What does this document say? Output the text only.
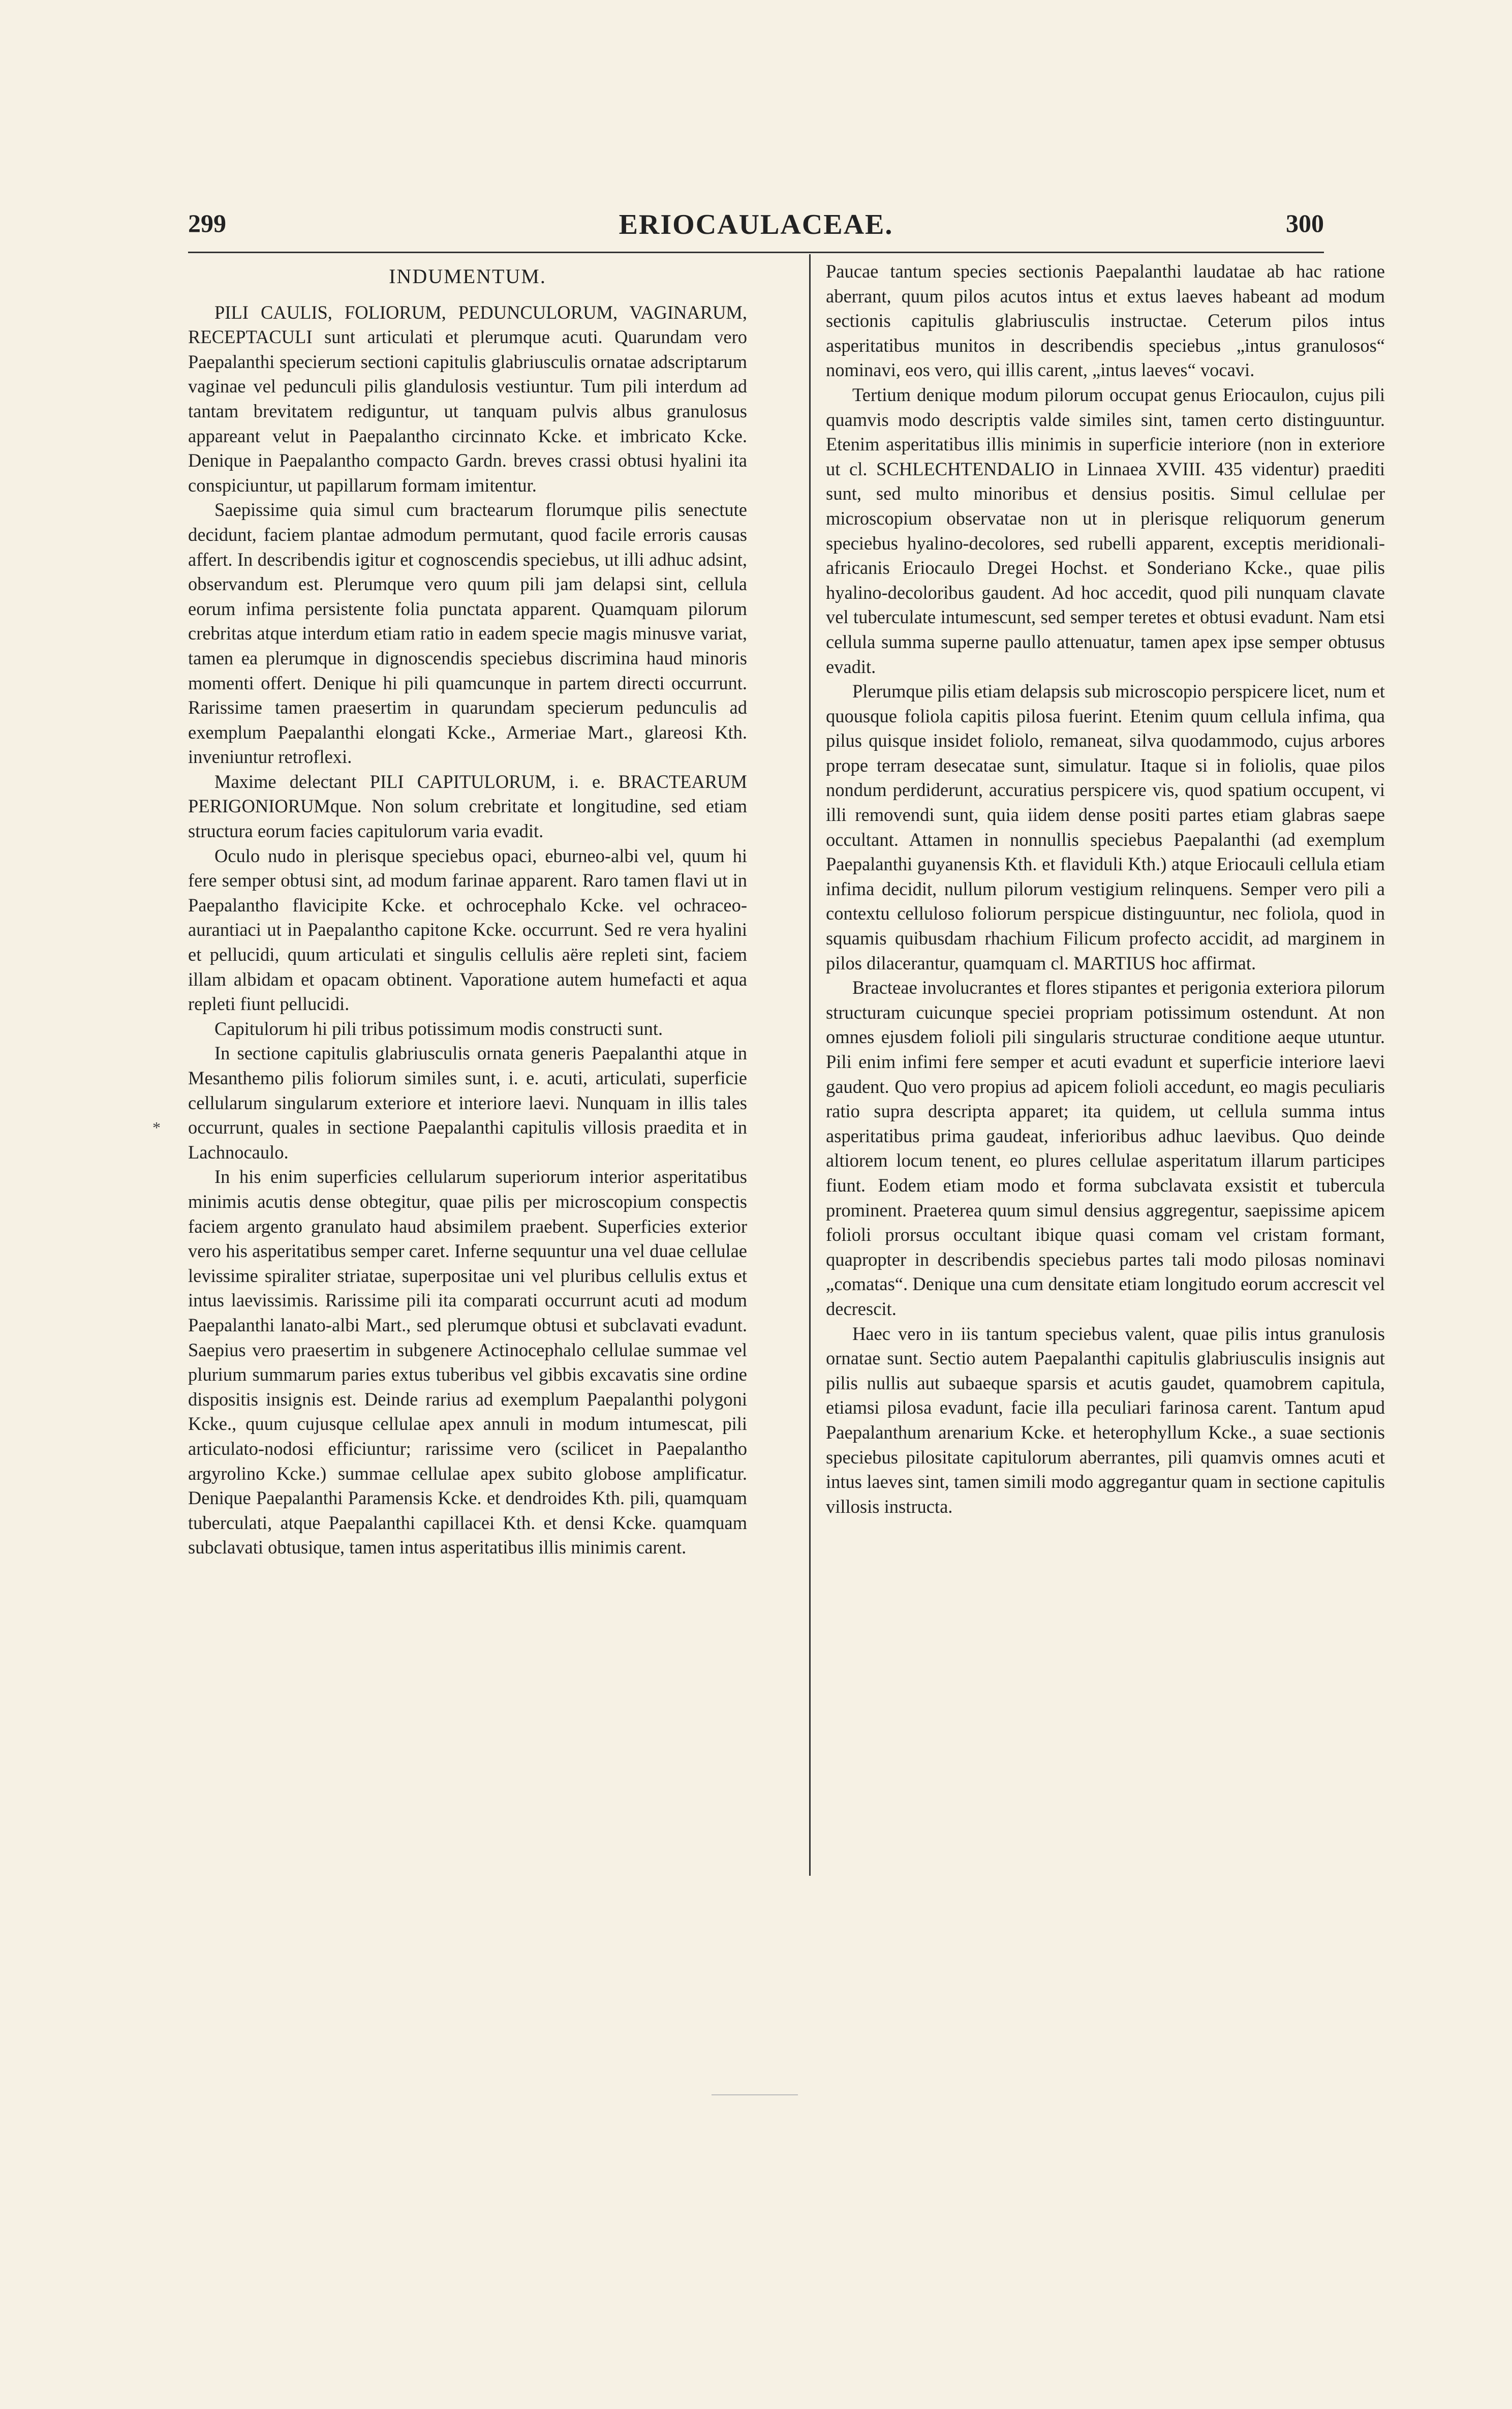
299	ERIOCAULACEAE.	300
INDUMENTUM.

PILI CAULIS, FOLIORUM, PEDUNCULORUM, VAGINARUM, RECEPTACULI sunt articulati et plerumque acuti. Quarundam vero Paepalanthi specierum sectioni capitulis glabriusculis ornatae adscriptarum vaginae vel pedunculi pilis glandulosis vestiuntur. Tum pili interdum ad tantam brevitatem rediguntur, ut tanquam pulvis albus granulosus appareant velut in Paepalantho circinnato Kcke. et imbricato Kcke. Denique in Paepalantho compacto Gardn. breves crassi obtusi hyalini ita conspiciuntur, ut papillarum formam imitentur.

Saepissime quia simul cum bractearum florumque pilis senectute decidunt, faciem plantae admodum permutant, quod facile erroris causas affert. In describendis igitur et cognoscendis speciebus, ut illi adhuc adsint, observandum est. Plerumque vero quum pili jam delapsi sint, cellula eorum infima persistente folia punctata apparent. Quamquam pilorum crebritas atque interdum etiam ratio in eadem specie magis minusve variat, tamen ea plerumque in dignoscendis speciebus discrimina haud minoris momenti offert. Denique hi pili quamcunque in partem directi occurrunt. Rarissime tamen praesertim in quarundam specierum pedunculis ad exemplum Paepalanthi elongati Kcke., Armeriae Mart., glareosi Kth. inveniuntur retroflexi.

Maxime delectant PILI CAPITULORUM, i. e. BRACTEARUM PERIGONIORUMque. Non solum crebritate et longitudine, sed etiam structura eorum facies capitulorum varia evadit.

Oculo nudo in plerisque speciebus opaci, eburneo-albi vel, quum hi fere semper obtusi sint, ad modum farinae apparent. Raro tamen flavi ut in Paepalantho flavicipite Kcke. et ochrocephalo Kcke. vel ochraceo-aurantiaci ut in Paepalantho capitone Kcke. occurrunt. Sed re vera hyalini et pellucidi, quum articulati et singulis cellulis aëre repleti sint, faciem illam albidam et opacam obtinent. Vaporatione autem humefacti et aqua repleti fiunt pellucidi.

Capitulorum hi pili tribus potissimum modis constructi sunt.

In sectione capitulis glabriusculis ornata generis Paepalanthi atque in Mesanthemo pilis foliorum similes sunt, i. e. acuti, articulati, superficie cellularum singularum exteriore et interiore laevi. Nunquam in illis tales occurrunt, quales in sectione Paepalanthi capitulis villosis praedita et in Lachnocaulo.

In his enim superficies cellularum superiorum interior asperitatibus minimis acutis dense obtegitur, quae pilis per microscopium conspectis faciem argento granulato haud absimilem praebent. Superficies exterior vero his asperitatibus semper caret. Inferne sequuntur una vel duae cellulae levissime spiraliter striatae, superpositae uni vel pluribus cellulis extus et intus laevissimis. Rarissime pili ita comparati occurrunt acuti ad modum Paepalanthi lanato-albi Mart., sed plerumque obtusi et subclavati evadunt. Saepius vero praesertim in subgenere Actinocephalo cellulae summae vel plurium summarum paries extus tuberibus vel gibbis excavatis sine ordine dispositis insignis est. Deinde rarius ad exemplum Paepalanthi polygoni Kcke., quum cujusque cellulae apex annuli in modum intumescat, pili articulato-nodosi efficiuntur; rarissime vero (scilicet in Paepalantho argyrolino Kcke.) summae cellulae apex subito globose amplificatur. Denique Paepalanthi Paramensis Kcke. et dendroides Kth. pili, quamquam tuberculati, atque Paepalanthi capillacei Kth. et densi Kcke. quamquam subclavati obtusique, tamen intus asperitatibus illis minimis carent.

Paucae tantum species sectionis Paepalanthi laudatae ab hac ratione aberrant, quum pilos acutos intus et extus laeves habeant ad modum sectionis capitulis glabriusculis instructae. Ceterum pilos intus asperitatibus munitos in describendis speciebus „intus granulosos“ nominavi, eos vero, qui illis carent, „intus laeves“ vocavi.

Tertium denique modum pilorum occupat genus Eriocaulon, cujus pili quamvis modo descriptis valde similes sint, tamen certo distinguuntur. Etenim asperitatibus illis minimis in superficie interiore (non in exteriore ut cl. SCHLECHTENDALIO in Linnaea XVIII. 435 videntur) praediti sunt, sed multo minoribus et densius positis. Simul cellulae per microscopium observatae non ut in plerisque reliquorum generum speciebus hyalino-decolores, sed rubelli apparent, exceptis meridionali-africanis Eriocaulo Dregei Hochst. et Sonderiano Kcke., quae pilis hyalino-decoloribus gaudent. Ad hoc accedit, quod pili nunquam clavate vel tuberculate intumescunt, sed semper teretes et obtusi evadunt. Nam etsi cellula summa superne paullo attenuatur, tamen apex ipse semper obtusus evadit.

Plerumque pilis etiam delapsis sub microscopio perspicere licet, num et quousque foliola capitis pilosa fuerint. Etenim quum cellula infima, qua pilus quisque insidet foliolo, remaneat, silva quodammodo, cujus arbores prope terram desecatae sunt, simulatur. Itaque si in foliolis, quae pilos nondum perdiderunt, accuratius perspicere vis, quod spatium occupent, vi illi removendi sunt, quia iidem dense positi partes etiam glabras saepe occultant. Attamen in nonnullis speciebus Paepalanthi (ad exemplum Paepalanthi guyanensis Kth. et flaviduli Kth.) atque Eriocauli cellula etiam infima decidit, nullum pilorum vestigium relinquens. Semper vero pili a contextu celluloso foliorum perspicue distinguuntur, nec foliola, quod in squamis quibusdam rhachium Filicum profecto accidit, ad marginem in pilos dilacerantur, quamquam cl. MARTIUS hoc affirmat.

Bracteae involucrantes et flores stipantes et perigonia exteriora pilorum structuram cuicunque speciei propriam potissimum ostendunt. At non omnes ejusdem folioli pili singularis structurae conditione aeque utuntur. Pili enim infimi fere semper et acuti evadunt et superficie interiore laevi gaudent. Quo vero propius ad apicem folioli accedunt, eo magis peculiaris ratio supra descripta apparet; ita quidem, ut cellula summa intus asperitatibus prima gaudeat, inferioribus adhuc laevibus. Quo deinde altiorem locum tenent, eo plures cellulae asperitatum illarum participes fiunt. Eodem etiam modo et forma subclavata exsistit et tubercula prominent. Praeterea quum simul densius aggregentur, saepissime apicem folioli prorsus occultant ibique quasi comam vel cristam formant, quapropter in describendis speciebus partes tali modo pilosas nominavi „comatas“. Denique una cum densitate etiam longitudo eorum accrescit vel decrescit.

Haec vero in iis tantum speciebus valent, quae pilis intus granulosis ornatae sunt. Sectio autem Paepalanthi capitulis glabriusculis insignis aut pilis nullis aut subaeque sparsis et acutis gaudet, quamobrem capitula, etiamsi pilosa evadunt, facie illa peculiari farinosa carent. Tantum apud Paepalanthum arenarium Kcke. et heterophyllum Kcke., a suae sectionis speciebus pilositate capitulorum aberrantes, pili quamvis omnes acuti et intus laeves sint, tamen simili modo aggregantur quam in sectione capitulis villosis instructa.

*
